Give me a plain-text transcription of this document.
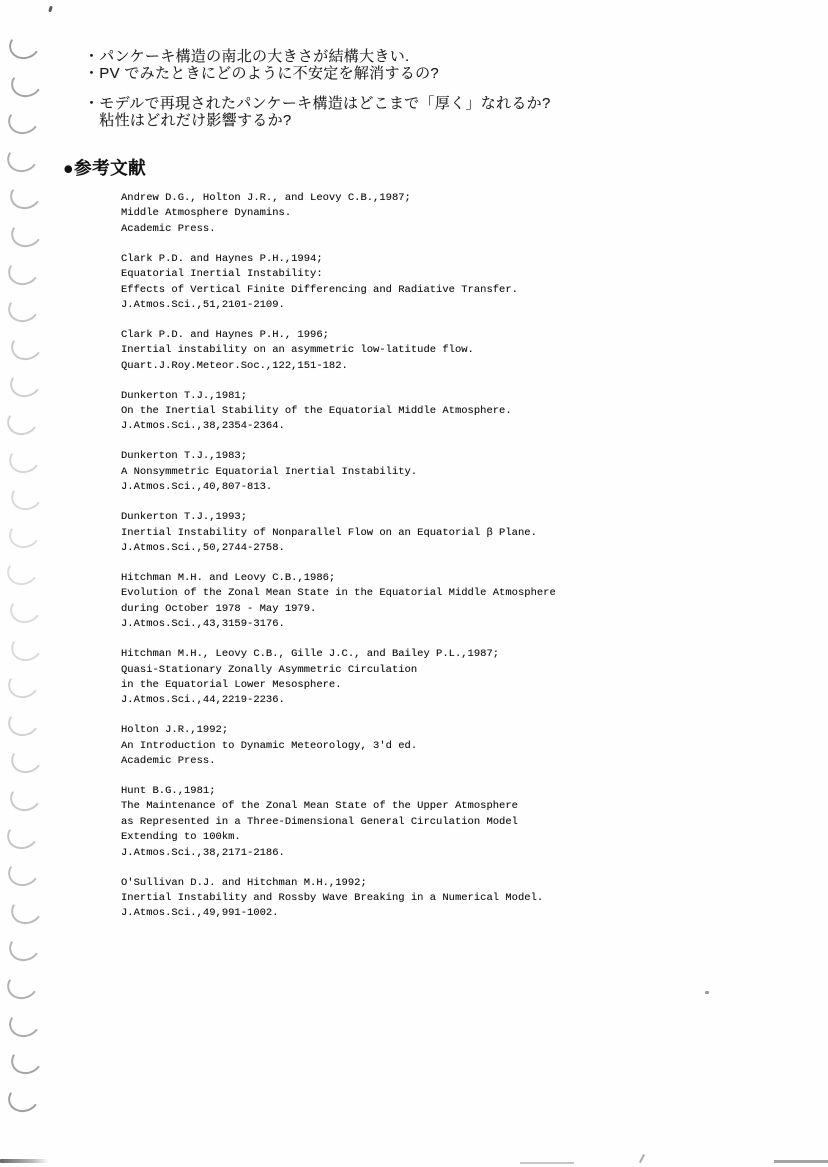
・パンケーキ構造の南北の大きさが結構大きい.
・PV でみたときにどのように不安定を解消するの?
・モデルで再現されたパンケーキ構造はどこまで「厚く」なれるか?
　粘性はどれだけ影響するか?
●参考文献
Andrew D.G., Holton J.R., and Leovy C.B.,1987;
Middle Atmosphere Dynamins.
Academic Press.
Clark P.D. and Haynes P.H.,1994;
Equatorial Inertial Instability:
Effects of Vertical Finite Differencing and Radiative Transfer.
J.Atmos.Sci.,51,2101-2109.
Clark P.D. and Haynes P.H., 1996;
Inertial instability on an asymmetric low-latitude flow.
Quart.J.Roy.Meteor.Soc.,122,151-182.
Dunkerton T.J.,1981;
On the Inertial Stability of the Equatorial Middle Atmosphere.
J.Atmos.Sci.,38,2354-2364.
Dunkerton T.J.,1983;
A Nonsymmetric Equatorial Inertial Instability.
J.Atmos.Sci.,40,807-813.
Dunkerton T.J.,1993;
Inertial Instability of Nonparallel Flow on an Equatorial β Plane.
J.Atmos.Sci.,50,2744-2758.
Hitchman M.H. and Leovy C.B.,1986;
Evolution of the Zonal Mean State in the Equatorial Middle Atmosphere
during October 1978 - May 1979.
J.Atmos.Sci.,43,3159-3176.
Hitchman M.H., Leovy C.B., Gille J.C., and Bailey P.L.,1987;
Quasi-Stationary Zonally Asymmetric Circulation
in the Equatorial Lower Mesosphere.
J.Atmos.Sci.,44,2219-2236.
Holton J.R.,1992;
An Introduction to Dynamic Meteorology, 3'd ed.
Academic Press.
Hunt B.G.,1981;
The Maintenance of the Zonal Mean State of the Upper Atmosphere
as Represented in a Three-Dimensional General Circulation Model
Extending to 100km.
J.Atmos.Sci.,38,2171-2186.
O'Sullivan D.J. and Hitchman M.H.,1992;
Inertial Instability and Rossby Wave Breaking in a Numerical Model.
J.Atmos.Sci.,49,991-1002.
